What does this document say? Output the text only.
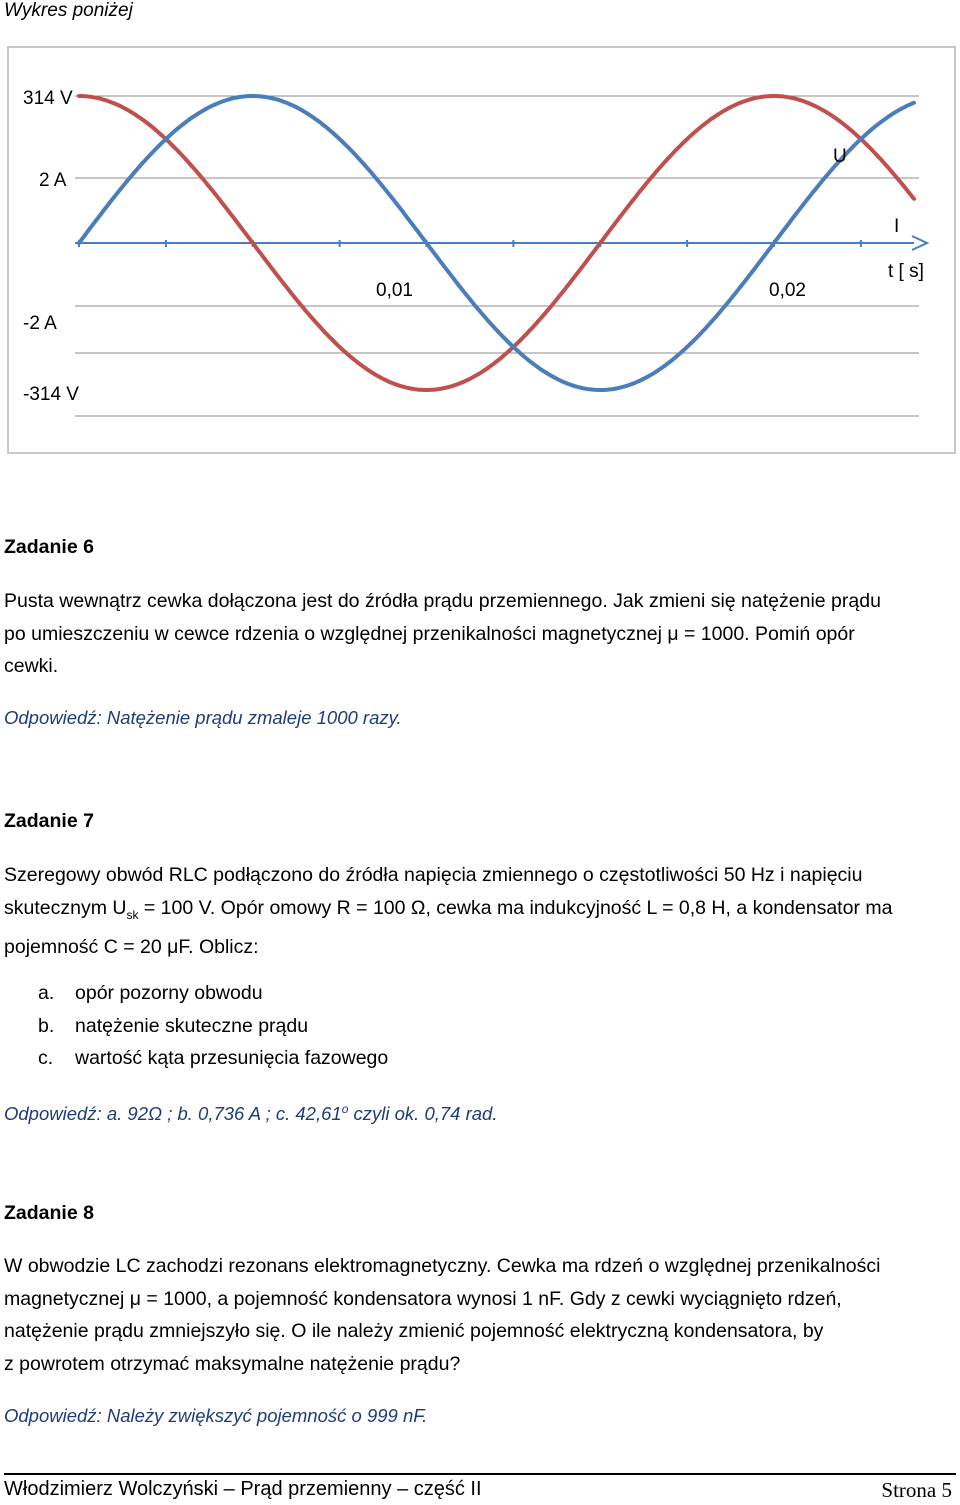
Wykres poniżej
314 V
2 A
-2 A
-314 V
0,01	0,02
t [ s]
U
I
Zadanie 6
Pusta wewnątrz cewka dołączona jest do źródła prądu przemiennego. Jak zmieni się natężenie prądu
po umieszczeniu w cewce rdzenia o względnej przenikalności magnetycznej μ = 1000. Pomiń opór
cewki.
Odpowiedź: Natężenie prądu zmaleje 1000 razy.
Zadanie 7
Szeregowy obwód RLC podłączono do źródła napięcia zmiennego o częstotliwości 50 Hz i napięciu
skutecznym $U_{sk} = 100$ V. Opór omowy R = 100 Ω, cewka ma indukcyjność L = 0,8 H, a kondensator ma
pojemność C = 20 μF. Oblicz:
a.	opór pozorny obwodu
b.	natężenie skuteczne prądu
c.	wartość kąta przesunięcia fazowego
Odpowiedź: a. 92Ω ; b. 0,736 A ; c. 42,61$^o$ czyli ok. 0,74 rad.
Zadanie 8
W obwodzie LC zachodzi rezonans elektromagnetyczny. Cewka ma rdzeń o względnej przenikalności
magnetycznej μ = 1000, a pojemność kondensatora wynosi 1 nF. Gdy z cewki wyciągnięto rdzeń,
natężenie prądu zmniejszyło się. O ile należy zmienić pojemność elektryczną kondensatora, by
z powrotem otrzymać maksymalne natężenie prądu?
Odpowiedź: Należy zwiększyć pojemność o 999 nF.
Włodzimierz Wolczyński – Prąd przemienny – część II	Strona 5
